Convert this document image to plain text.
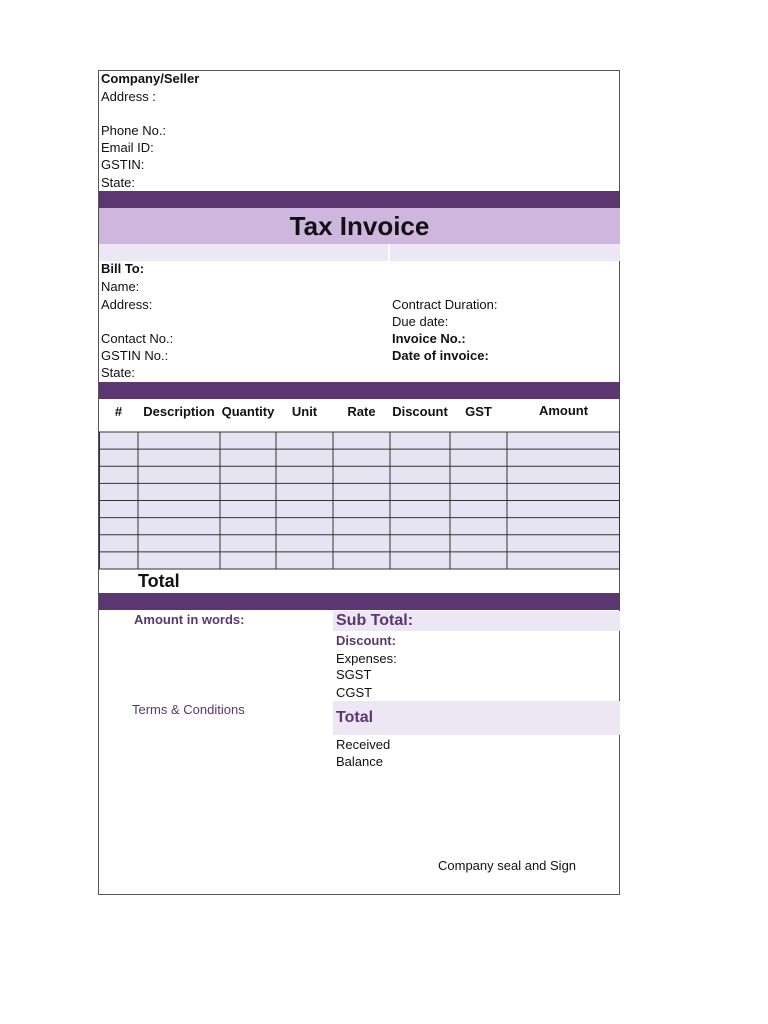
Company/Seller
Address :
Phone No.:
Email ID:
GSTIN:
State:
Tax Invoice
Bill To:
Name:
Address:
Contact No.:
GSTIN No.:
State:
Contract Duration:
Due date:
Invoice No.:
Date of invoice:
#	Description Quantity	Unit	Rate	Discount	GST	Amount
Total
Amount in words:
Terms & Conditions
Sub Total:
Discount:
Expenses:
SGST
CGST
Total
Received
Balance
Company seal and Sign
